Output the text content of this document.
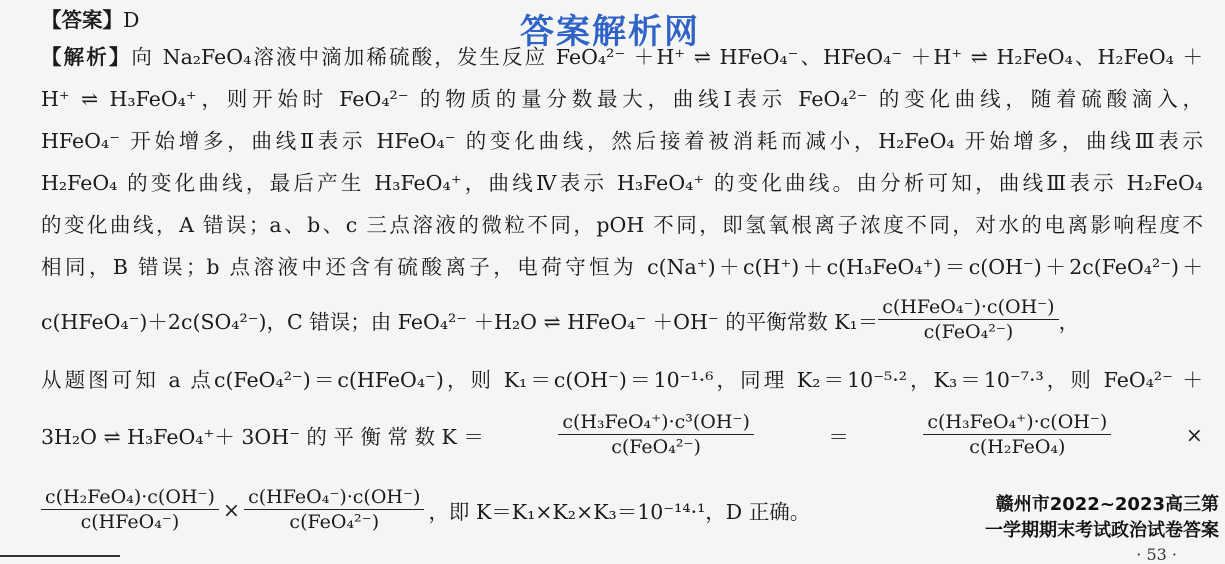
答案解析网
【答案】D
【解析】向 Na₂FeO₄溶液中滴加稀硫酸，发生反应 FeO₄²⁻ ＋H⁺ ⇌ HFeO₄⁻、HFeO₄⁻ ＋H⁺ ⇌ H₂FeO₄、H₂FeO₄ ＋
H⁺ ⇌ H₃FeO₄⁺，则开始时 FeO₄²⁻ 的物质的量分数最大，曲线Ⅰ表示 FeO₄²⁻ 的变化曲线，随着硫酸滴入，
HFeO₄⁻ 开始增多，曲线Ⅱ表示 HFeO₄⁻ 的变化曲线，然后接着被消耗而减小，H₂FeO₄ 开始增多，曲线Ⅲ表示
H₂FeO₄ 的变化曲线，最后产生 H₃FeO₄⁺，曲线Ⅳ表示 H₃FeO₄⁺ 的变化曲线。由分析可知，曲线Ⅲ表示 H₂FeO₄
的变化曲线，A 错误；a、b、c 三点溶液的微粒不同，pOH 不同，即氢氧根离子浓度不同，对水的电离影响程度不
相同，B 错误；b 点溶液中还含有硫酸离子，电荷守恒为 c(Na⁺)＋c(H⁺)＋c(H₃FeO₄⁺)＝c(OH⁻)＋2c(FeO₄²⁻)＋
c(HFeO₄⁻)＋2c(SO₄²⁻)，C 错误；由 FeO₄²⁻ ＋H₂O ⇌ HFeO₄⁻ ＋OH⁻ 的平衡常数 $K_1= \frac{\text{c(HFeO₄⁻)·c(OH⁻)}}{\text{c(FeO₄²⁻)}}$ ，
从题图可知 a 点c(FeO₄²⁻)＝c(HFeO₄⁻)，则 K₁＝c(OH⁻)＝10⁻¹·⁶，同理 K₂＝10⁻⁵·²，K₃＝10⁻⁷·³，则 FeO₄²⁻ ＋
3H₂O ⇌ H₃FeO₄⁺＋ 3OH⁻ 的 平 衡 常 数 K ＝	$\frac{\text{c(H₃FeO₄⁺)·c³(OH⁻)}}{\text{c(FeO₄²⁻)}}$	＝	$\frac{\text{c(H₃FeO₄⁺)·c(OH⁻)}}{\text{c(H₂FeO₄)}}$	×
$\frac{\text{c(H₂FeO₄)·c(OH⁻)}}{\text{c(HFeO₄⁻)}} \times \frac{\text{c(HFeO₄⁻)·c(OH⁻)}}{\text{c(FeO₄²⁻)}}$ ，即 K＝K₁×K₂×K₃＝10⁻¹⁴·¹，D 正确。	赣州市2022~2023高三第
一学期期末考试政治试卷答案
· 53 ·
